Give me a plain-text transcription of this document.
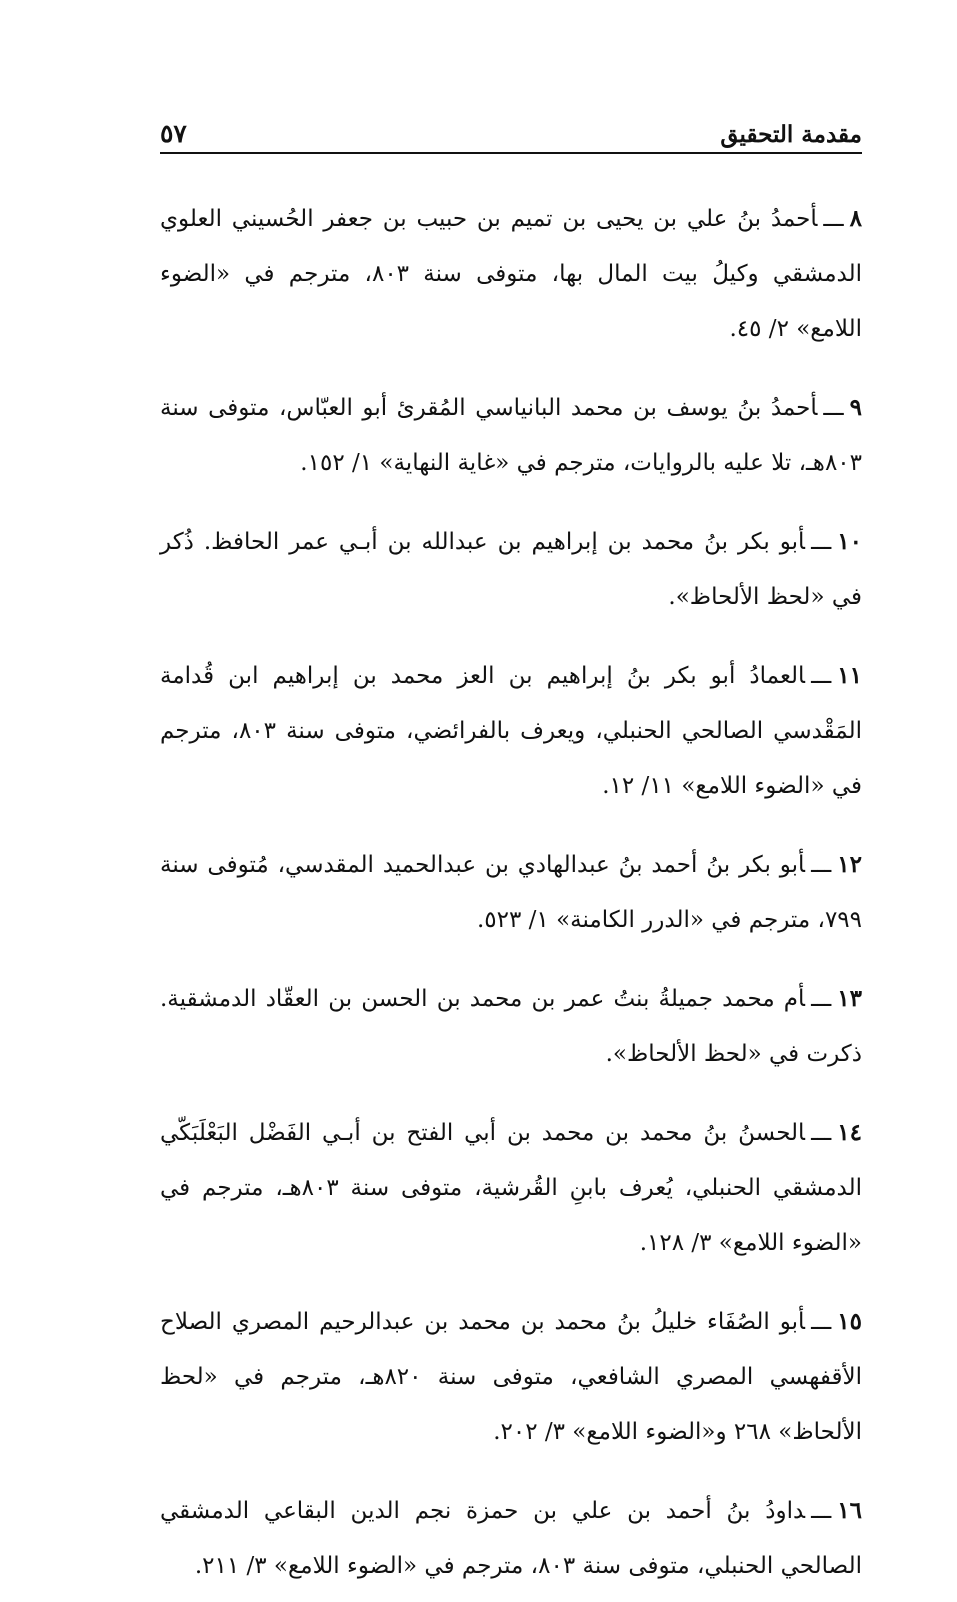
مقدمة التحقيق
٥٧

٨ـــأحمدُ بنُ علي بن يحيى بن تميم بن حبيب بن جعفر الحُسيني العلوي الدمشقي وكيلُ بيت المال بها، متوفى سنة ٨٠٣، مترجم في «الضوء اللامع» ٢/ ٤٥.

٩ـــأحمدُ بنُ يوسف بن محمد البانياسي المُقرئ أبو العبّاس، متوفى سنة ٨٠٣هـ، تلا عليه بالروايات، مترجم في «غاية النهاية» ١/ ١٥٢.

١٠ـــأبو بكر بنُ محمد بن إبراهيم بن عبدالله بن أبـي عمر الحافظ. ذُكر في «لحظ الألحاظ».

١١ـــالعمادُ أبو بكر بنُ إبراهيم بن العز محمد بن إبراهيم ابن قُدامة المَقْدسي الصالحي الحنبلي، ويعرف بالفرائضي، متوفى سنة ٨٠٣، مترجم في «الضوء اللامع» ١١/ ١٢.

١٢ـــأبو بكر بنُ أحمد بنُ عبدالهادي بن عبدالحميد المقدسي، مُتوفى سنة ٧٩٩، مترجم في «الدرر الكامنة» ١/ ٥٢٣.

١٣ـــأم محمد جميلةُ بنتُ عمر بن محمد بن الحسن بن العقّاد الدمشقية. ذكرت في «لحظ الألحاظ».

١٤ـــالحسنُ بنُ محمد بن محمد بن أبي الفتح بن أبـي الفَضْل البَعْلَبَكّي الدمشقي الحنبلي، يُعرف بابنِ القُرشية، متوفى سنة ٨٠٣هـ، مترجم في «الضوء اللامع» ٣/ ١٢٨.

١٥ـــأبو الصُفَاء خليلُ بنُ محمد بن محمد بن عبدالرحيم المصري الصلاح الأقفهسي المصري الشافعي، متوفى سنة ٨٢٠هـ، مترجم في «لحظ الألحاظ» ٢٦٨ و«الضوء اللامع» ٣/ ٢٠٢.

١٦ـــداودُ بنُ أحمد بن علي بن حمزة نجم الدين البقاعي الدمشقي الصالحي الحنبلي، متوفى سنة ٨٠٣، مترجم في «الضوء اللامع» ٣/ ٢١١.
